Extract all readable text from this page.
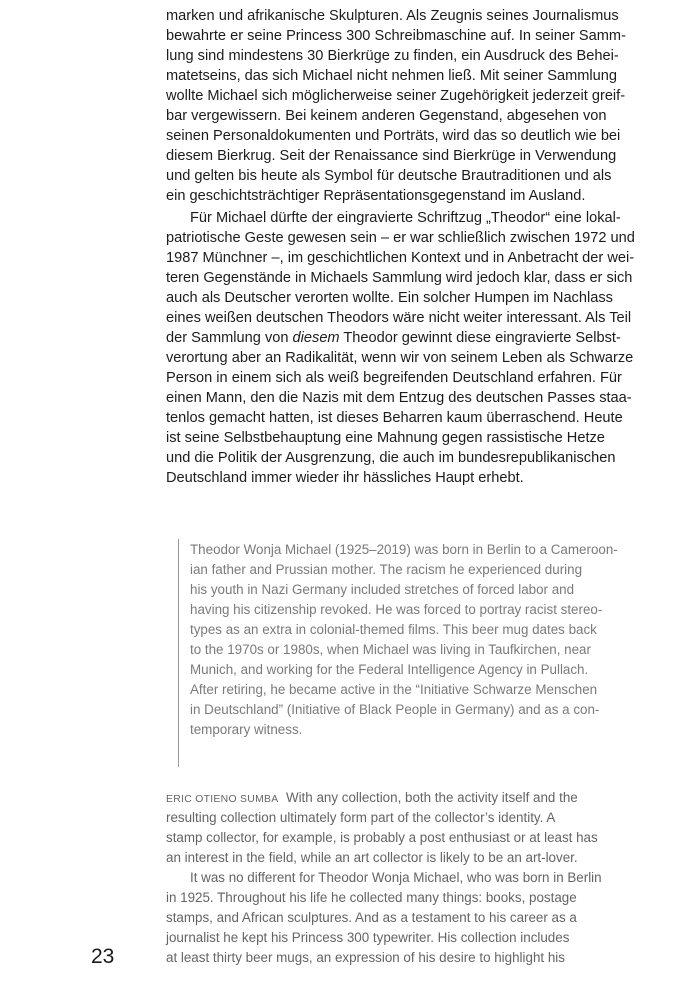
marken und afrikanische Skulpturen. Als Zeugnis seines Journalismus
bewahrte er seine Princess 300 Schreibmaschine auf. In seiner Samm-
lung sind mindestens 30 Bierkrüge zu finden, ein Ausdruck des Behei-
matetseins, das sich Michael nicht nehmen ließ. Mit seiner Sammlung
wollte Michael sich möglicherweise seiner Zugehörigkeit jederzeit greif-
bar vergewissern. Bei keinem anderen Gegenstand, abgesehen von
seinen Personaldokumenten und Porträts, wird das so deutlich wie bei
diesem Bierkrug. Seit der Renaissance sind Bierkrüge in Verwendung
und gelten bis heute als Symbol für deutsche Brautraditionen und als
ein geschichtsträchtiger Repräsentationsgegenstand im Ausland.
Für Michael dürfte der eingravierte Schriftzug „Theodor“ eine lokal-
patriotische Geste gewesen sein – er war schließlich zwischen 1972 und
1987 Münchner –, im geschichtlichen Kontext und in Anbetracht der wei-
teren Gegenstände in Michaels Sammlung wird jedoch klar, dass er sich
auch als Deutscher verorten wollte. Ein solcher Humpen im Nachlass
eines weißen deutschen Theodors wäre nicht weiter interessant. Als Teil
der Sammlung von diesem Theodor gewinnt diese eingravierte Selbst-
verortung aber an Radikalität, wenn wir von seinem Leben als Schwarze
Person in einem sich als weiß begreifenden Deutschland erfahren. Für
einen Mann, den die Nazis mit dem Entzug des deutschen Passes staa-
tenlos gemacht hatten, ist dieses Beharren kaum überraschend. Heute
ist seine Selbstbehauptung eine Mahnung gegen rassistische Hetze
und die Politik der Ausgrenzung, die auch im bundesrepublikanischen
Deutschland immer wieder ihr hässliches Haupt erhebt.
Theodor Wonja Michael (1925–2019) was born in Berlin to a Cameroon-
ian father and Prussian mother. The racism he experienced during
his youth in Nazi Germany included stretches of forced labor and
having his citizenship revoked. He was forced to portray racist stereo-
types as an extra in colonial-themed films. This beer mug dates back
to the 1970s or 1980s, when Michael was living in Taufkirchen, near
Munich, and working for the Federal Intelligence Agency in Pullach.
After retiring, he became active in the “Initiative Schwarze Menschen
in Deutschland” (Initiative of Black People in Germany) and as a con-
temporary witness.
ERIC OTIENO SUMBA With any collection, both the activity itself and the
resulting collection ultimately form part of the collector’s identity. A
stamp collector, for example, is probably a post enthusiast or at least has
an interest in the field, while an art collector is likely to be an art-lover.
It was no different for Theodor Wonja Michael, who was born in Berlin
in 1925. Throughout his life he collected many things: books, postage
stamps, and African sculptures. And as a testament to his career as a
journalist he kept his Princess 300 typewriter. His collection includes
at least thirty beer mugs, an expression of his desire to highlight his
23
